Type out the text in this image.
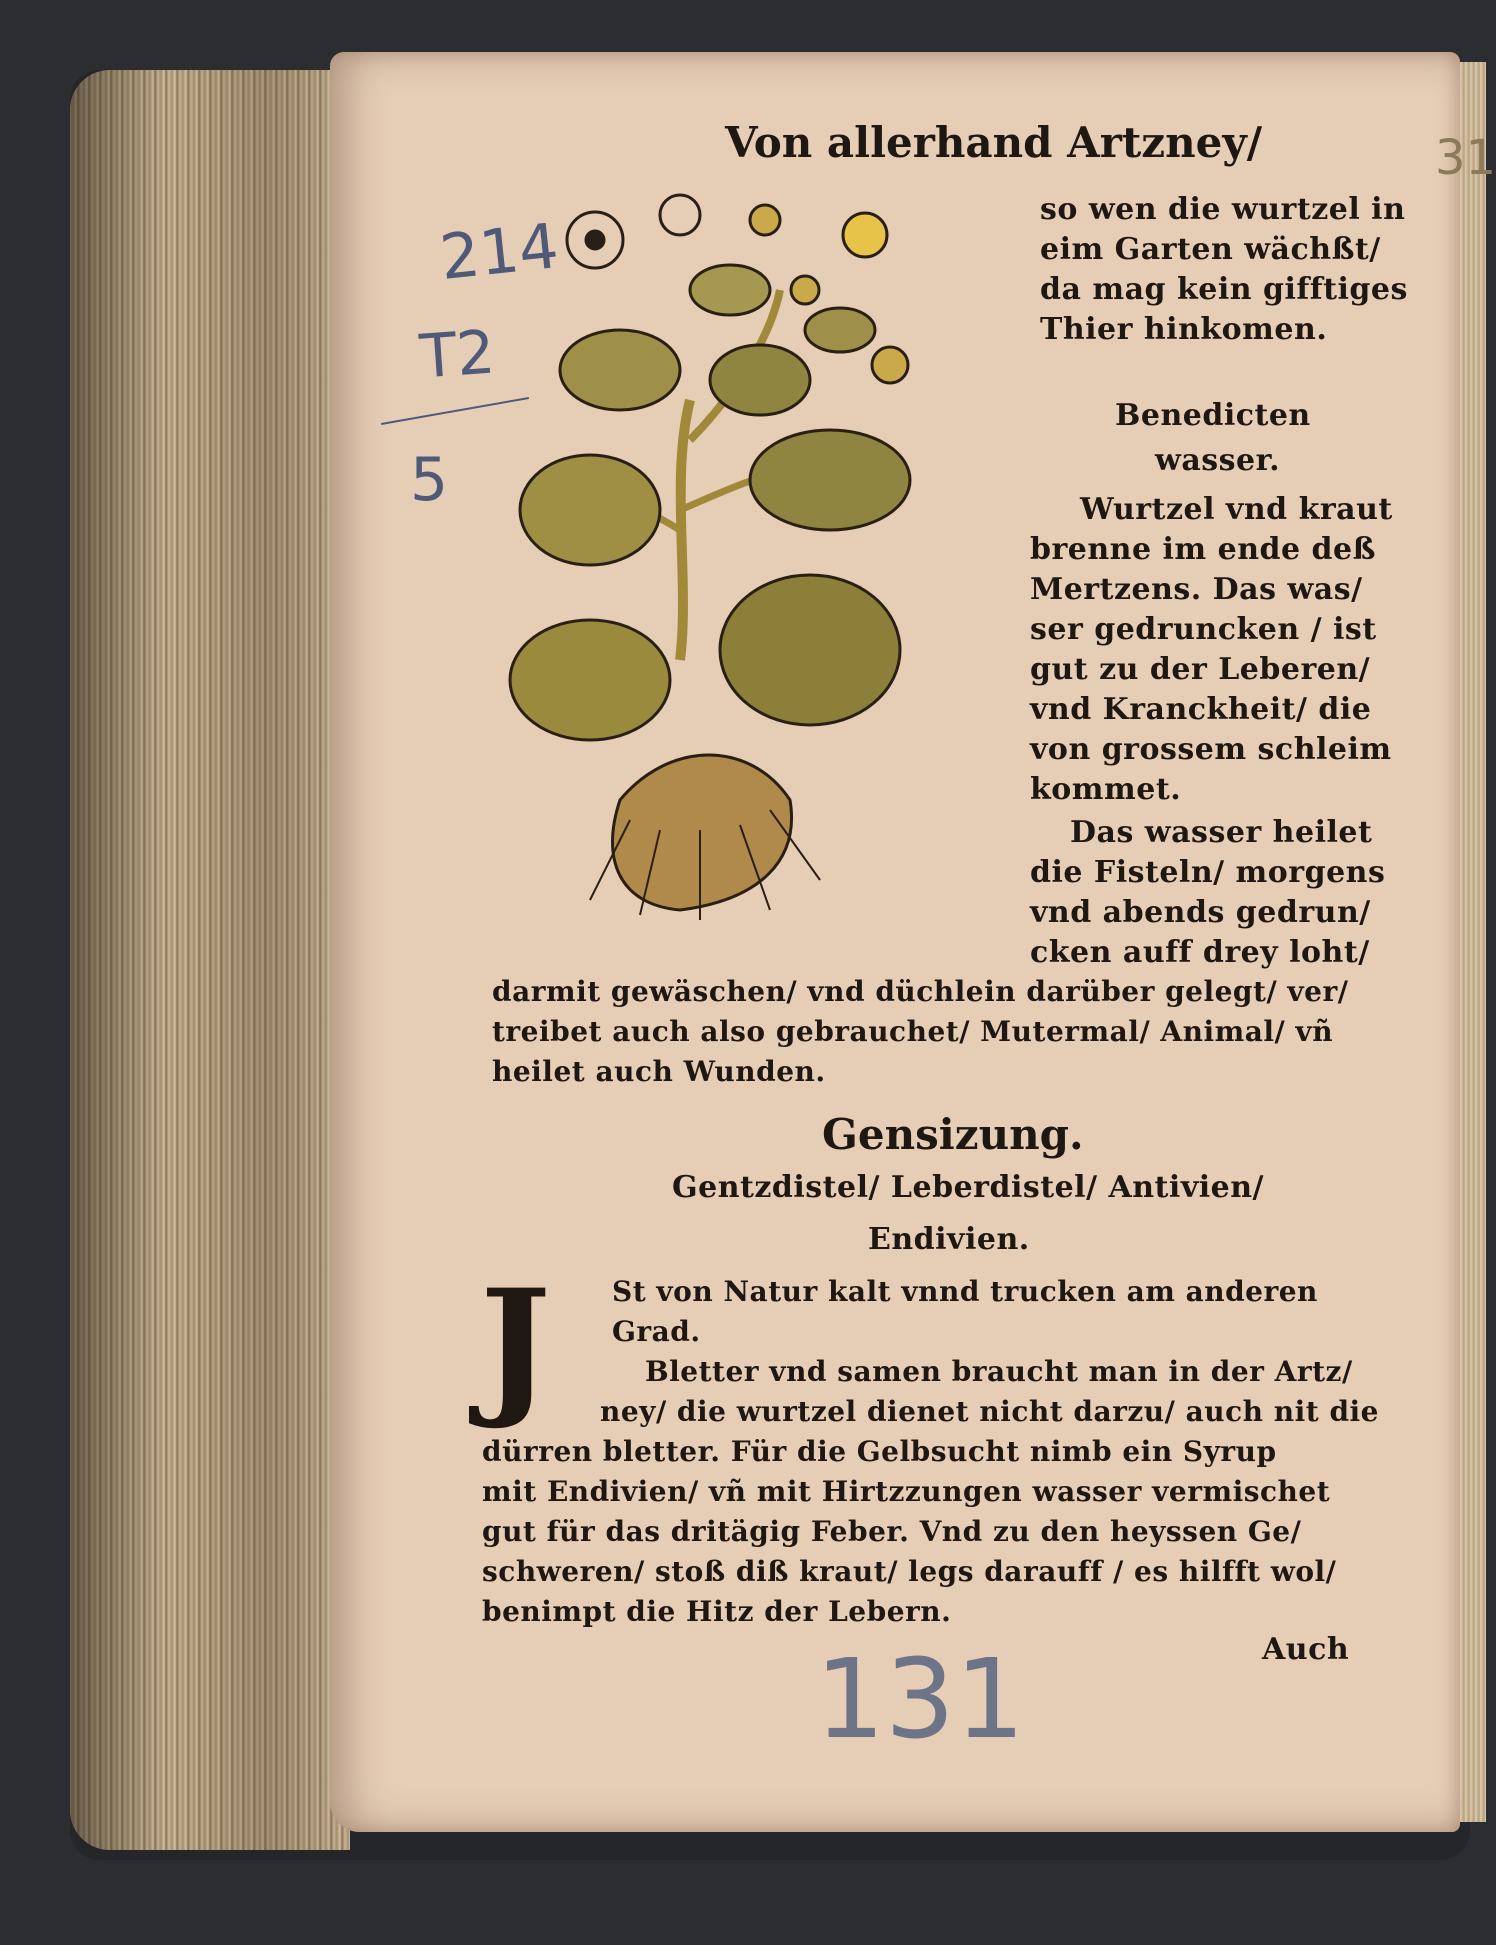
214
T2
5
131
31
Von allerhand Artzney/
so wen die wurtzel in
eim Garten wächßt/
da mag kein gifftiges
Thier hinkomen.
Benedicten
wasser.
Wurtzel vnd kraut
brenne im ende deß
Mertzens. Das was/
ser gedruncken / ist
gut zu der Leberen/
vnd Kranckheit/ die
von grossem schleim
kommet.
Das wasser heilet
die Fisteln/ morgens
vnd abends gedrun/
cken auff drey loht/
darmit gewäschen/ vnd düchlein darüber gelegt/ ver/
treibet auch also gebrauchet/ Mutermal/ Animal/ vñ
heilet auch Wunden.
Gensizung.
Gentzdistel/ Leberdistel/ Antivien/
Endivien.
J	St von Natur kalt vnnd trucken am anderen
Grad.
Bletter vnd samen braucht man in der Artz/
ney/ die wurtzel dienet nicht darzu/ auch nit die
dürren bletter. Für die Gelbsucht nimb ein Syrup
mit Endivien/ vñ mit Hirtzzungen wasser vermischet
gut für das dritägig Feber. Vnd zu den heyssen Ge/
schweren/ stoß diß kraut/ legs darauff / es hilfft wol/
benimpt die Hitz der Lebern.
Auch
